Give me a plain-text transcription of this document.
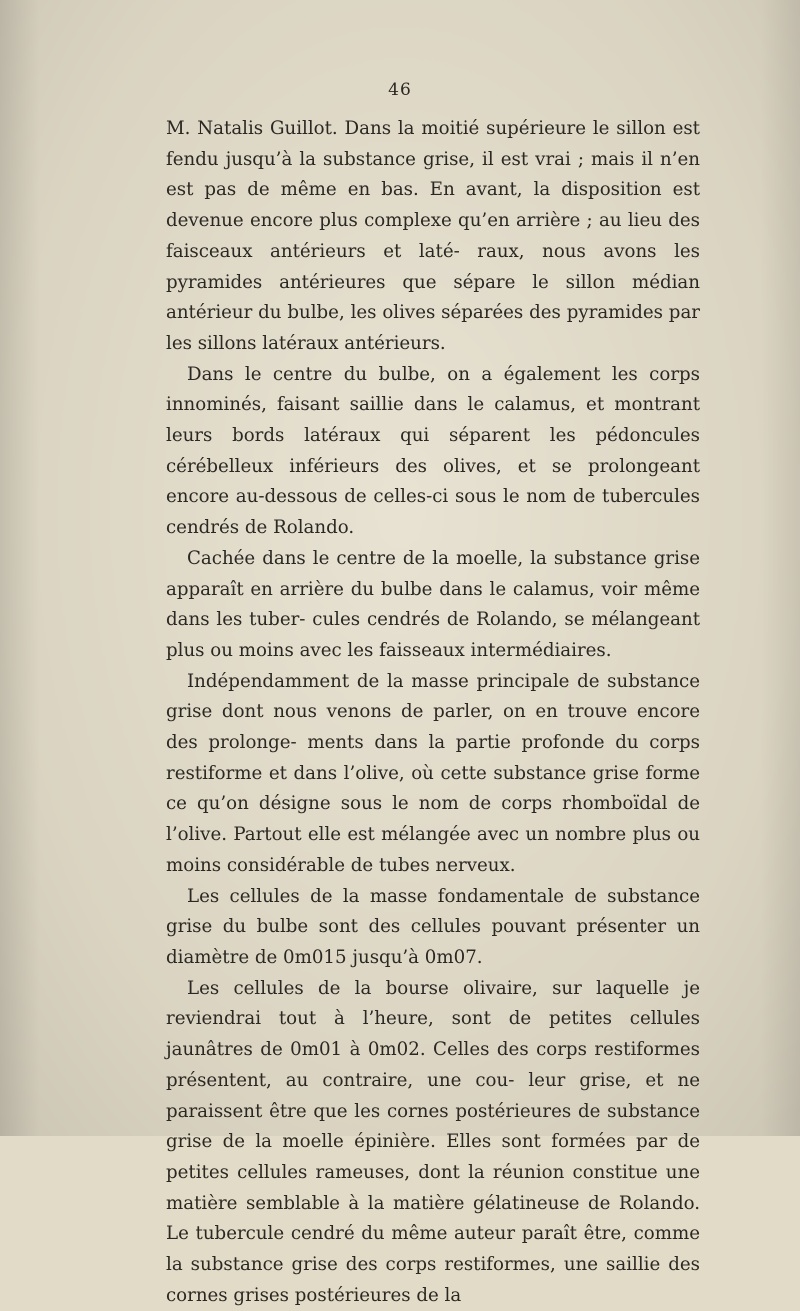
46

M. Natalis Guillot. Dans la moitié supérieure le sillon est fendu jusqu’à la substance grise, il est vrai ; mais il n’en est pas de même en bas. En avant, la disposition est devenue encore plus complexe qu’en arrière ; au lieu des faisceaux antérieurs et laté- raux, nous avons les pyramides antérieures que sépare le sillon médian antérieur du bulbe, les olives séparées des pyramides par les sillons latéraux antérieurs.

Dans le centre du bulbe, on a également les corps innominés, faisant saillie dans le calamus, et montrant leurs bords latéraux qui séparent les pédoncules cérébelleux inférieurs des olives, et se prolongeant encore au-dessous de celles-ci sous le nom de tubercules cendrés de Rolando.

Cachée dans le centre de la moelle, la substance grise apparaît en arrière du bulbe dans le calamus, voir même dans les tuber- cules cendrés de Rolando, se mélangeant plus ou moins avec les faisseaux intermédiaires.

Indépendamment de la masse principale de substance grise dont nous venons de parler, on en trouve encore des prolonge- ments dans la partie profonde du corps restiforme et dans l’olive, où cette substance grise forme ce qu’on désigne sous le nom de corps rhomboïdal de l’olive. Partout elle est mélangée avec un nombre plus ou moins considérable de tubes nerveux.

Les cellules de la masse fondamentale de substance grise du bulbe sont des cellules pouvant présenter un diamètre de 0m015 jusqu’à 0m07.

Les cellules de la bourse olivaire, sur laquelle je reviendrai tout à l’heure, sont de petites cellules jaunâtres de 0m01 à 0m02. Celles des corps restiformes présentent, au contraire, une cou- leur grise, et ne paraissent être que les cornes postérieures de substance grise de la moelle épinière. Elles sont formées par de petites cellules rameuses, dont la réunion constitue une matière semblable à la matière gélatineuse de Rolando. Le tubercule cendré du même auteur paraît être, comme la substance grise des corps restiformes, une saillie des cornes grises postérieures de la
